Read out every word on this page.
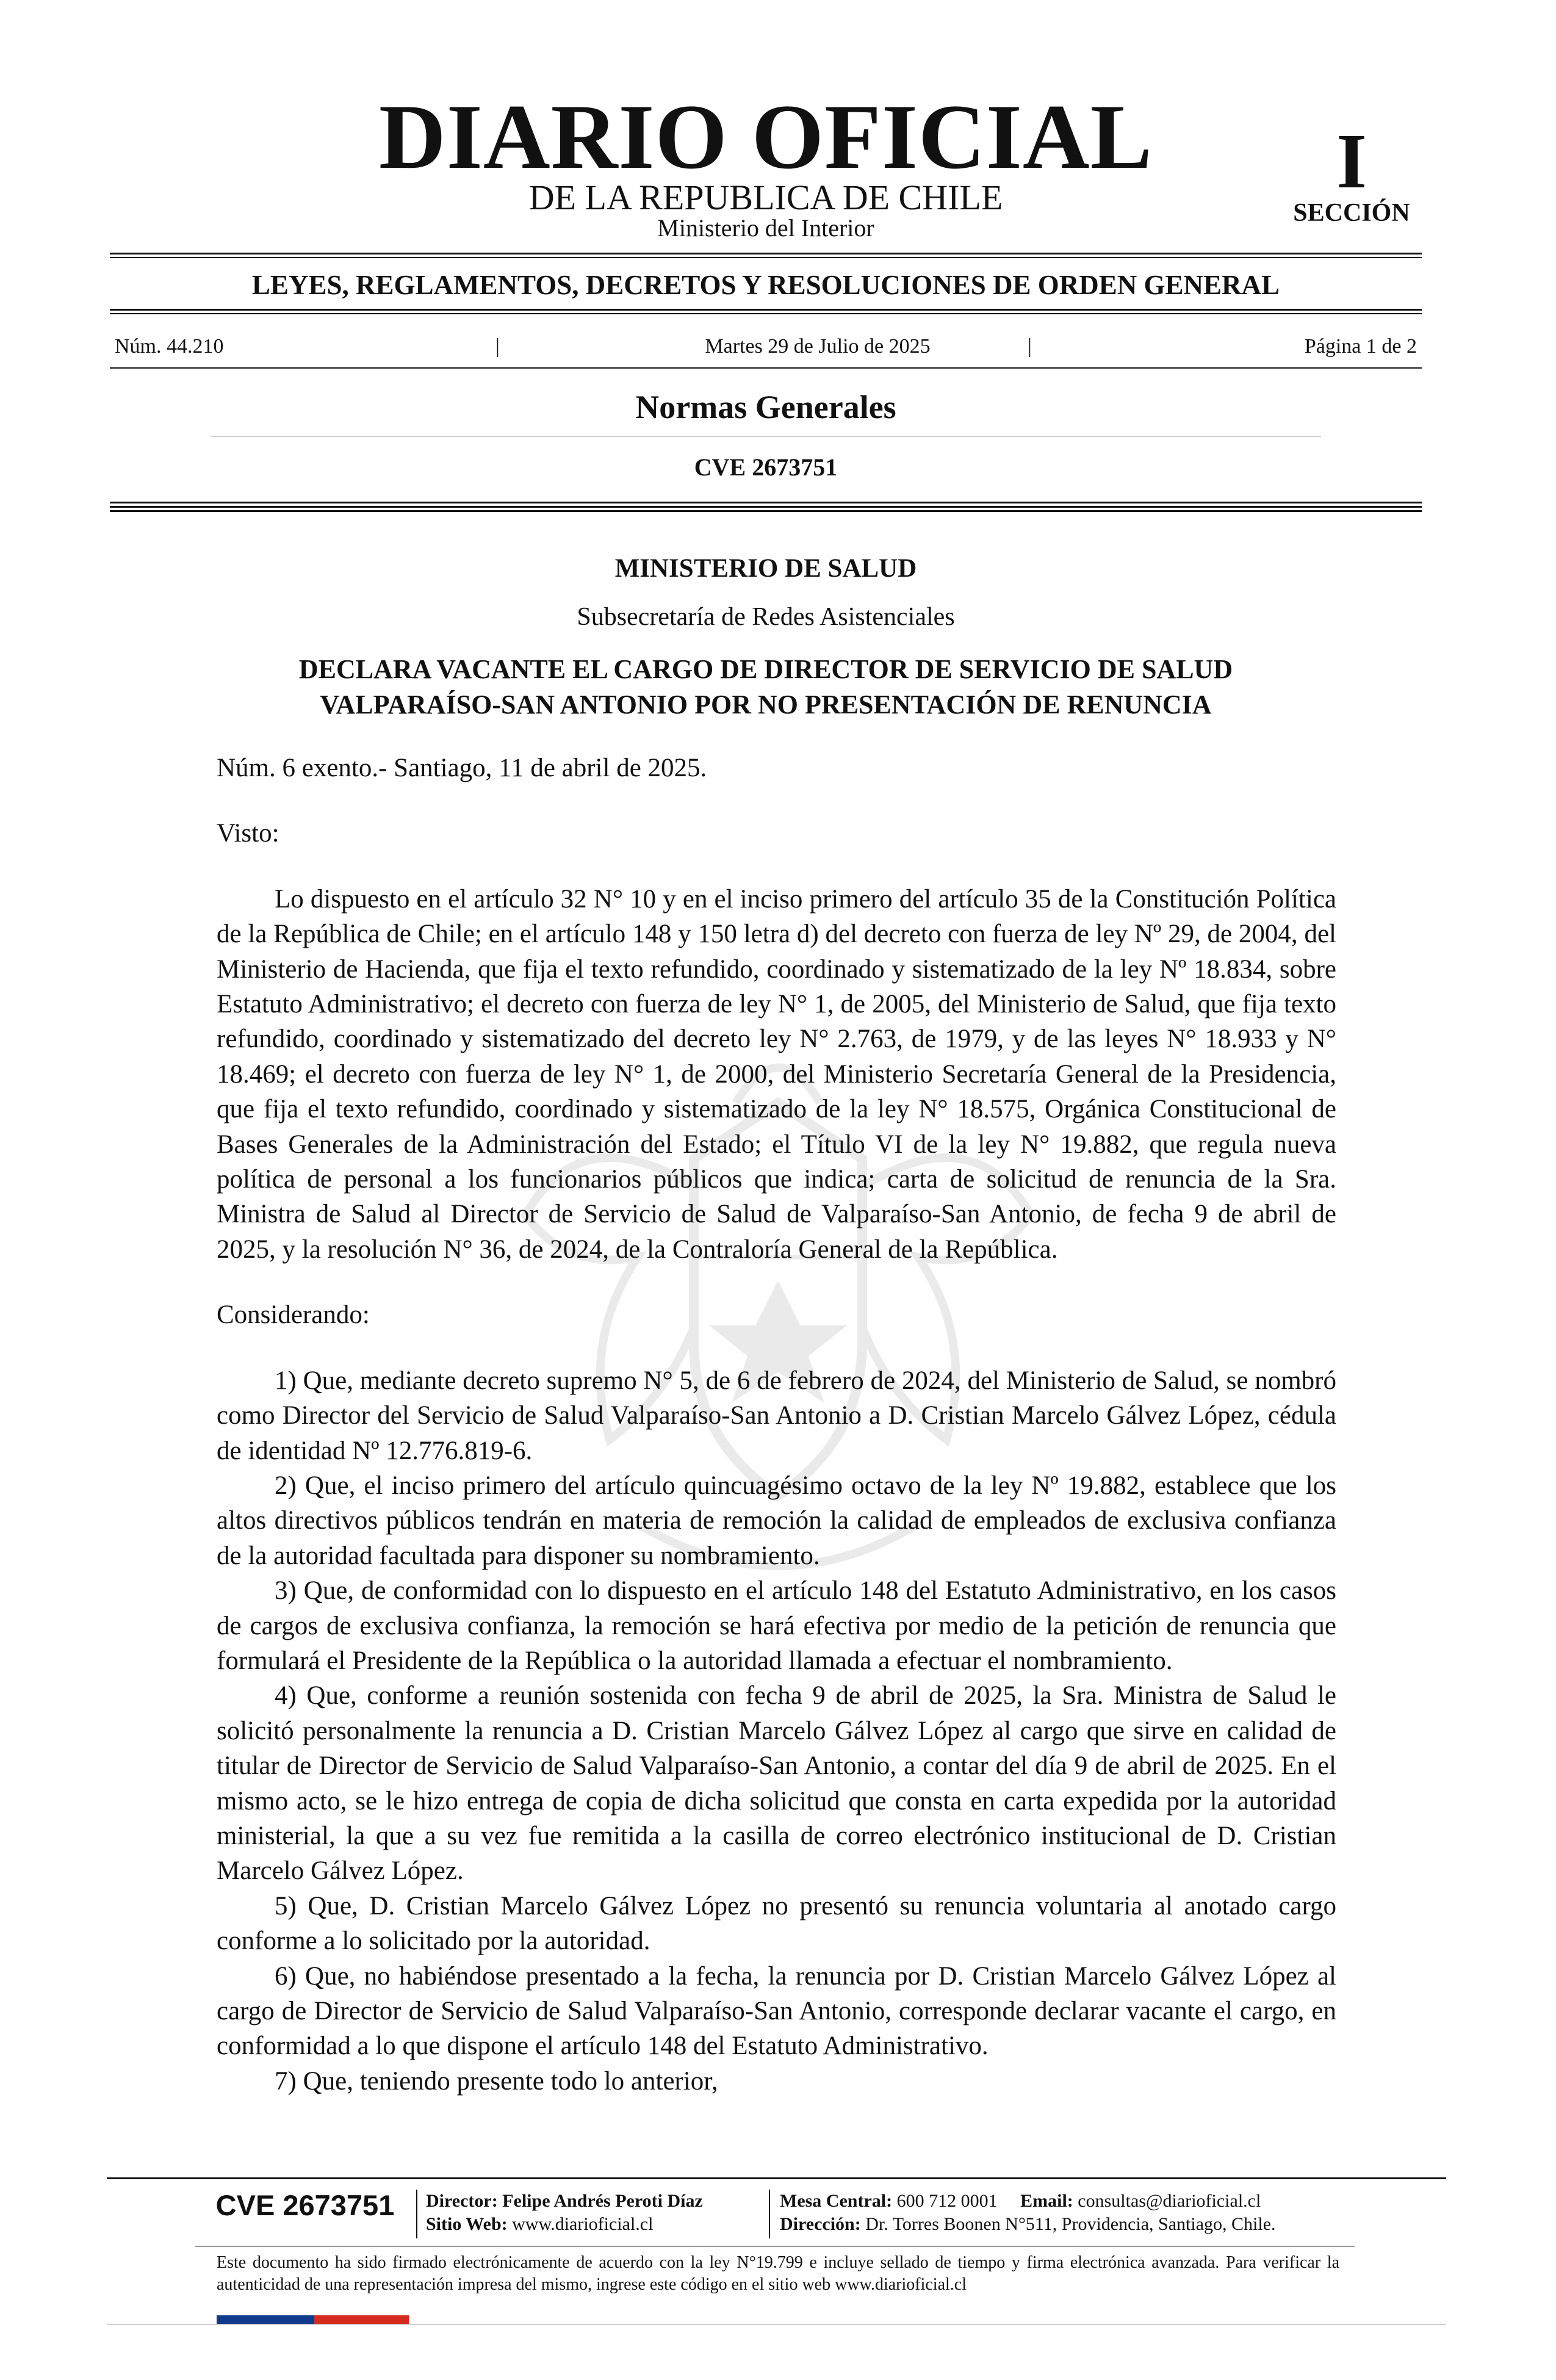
DIARIO OFICIAL
DE LA REPUBLICA DE CHILE
Ministerio del Interior
I
SECCIÓN
LEYES, REGLAMENTOS, DECRETOS Y RESOLUCIONES DE ORDEN GENERAL
Núm. 44.210	|	Martes 29 de Julio de 2025	|	Página 1 de 2
Normas Generales
CVE 2673751
MINISTERIO DE SALUD
Subsecretaría de Redes Asistenciales
DECLARA VACANTE EL CARGO DE DIRECTOR DE SERVICIO DE SALUD
VALPARAÍSO-SAN ANTONIO POR NO PRESENTACIÓN DE RENUNCIA

Núm. 6 exento.- Santiago, 11 de abril de 2025.

Visto:

Lo dispuesto en el artículo 32 N° 10 y en el inciso primero del artículo 35 de la Constitución Política de la República de Chile; en el artículo 148 y 150 letra d) del decreto con fuerza de ley Nº 29, de 2004, del Ministerio de Hacienda, que fija el texto refundido, coordinado y sistematizado de la ley Nº 18.834, sobre Estatuto Administrativo; el decreto con fuerza de ley N° 1, de 2005, del Ministerio de Salud, que fija texto refundido, coordinado y sistematizado del decreto ley N° 2.763, de 1979, y de las leyes N° 18.933 y N° 18.469; el decreto con fuerza de ley N° 1, de 2000, del Ministerio Secretaría General de la Presidencia, que fija el texto refundido, coordinado y sistematizado de la ley N° 18.575, Orgánica Constitucional de Bases Generales de la Administración del Estado; el Título VI de la ley N° 19.882, que regula nueva política de personal a los funcionarios públicos que indica; carta de solicitud de renuncia de la Sra. Ministra de Salud al Director de Servicio de Salud de Valparaíso-San Antonio, de fecha 9 de abril de 2025, y la resolución N° 36, de 2024, de la Contraloría General de la República.

Considerando:

1) Que, mediante decreto supremo N° 5, de 6 de febrero de 2024, del Ministerio de Salud, se nombró como Director del Servicio de Salud Valparaíso-San Antonio a D. Cristian Marcelo Gálvez López, cédula de identidad Nº 12.776.819-6.

2) Que, el inciso primero del artículo quincuagésimo octavo de la ley Nº 19.882, establece que los altos directivos públicos tendrán en materia de remoción la calidad de empleados de exclusiva confianza de la autoridad facultada para disponer su nombramiento.

3) Que, de conformidad con lo dispuesto en el artículo 148 del Estatuto Administrativo, en los casos de cargos de exclusiva confianza, la remoción se hará efectiva por medio de la petición de renuncia que formulará el Presidente de la República o la autoridad llamada a efectuar el nombramiento.

4) Que, conforme a reunión sostenida con fecha 9 de abril de 2025, la Sra. Ministra de Salud le solicitó personalmente la renuncia a D. Cristian Marcelo Gálvez López al cargo que sirve en calidad de titular de Director de Servicio de Salud Valparaíso-San Antonio, a contar del día 9 de abril de 2025. En el mismo acto, se le hizo entrega de copia de dicha solicitud que consta en carta expedida por la autoridad ministerial, la que a su vez fue remitida a la casilla de correo electrónico institucional de D. Cristian Marcelo Gálvez López.

5) Que, D. Cristian Marcelo Gálvez López no presentó su renuncia voluntaria al anotado cargo conforme a lo solicitado por la autoridad.

6) Que, no habiéndose presentado a la fecha, la renuncia por D. Cristian Marcelo Gálvez López al cargo de Director de Servicio de Salud Valparaíso-San Antonio, corresponde declarar vacante el cargo, en conformidad a lo que dispone el artículo 148 del Estatuto Administrativo.

7) Que, teniendo presente todo lo anterior,

CVE 2673751	Director: Felipe Andrés Peroti Díaz
Sitio Web: www.diarioficial.cl
Mesa Central: 600 712 0001 Email: consultas@diarioficial.cl
Dirección: Dr. Torres Boonen N°511, Providencia, Santiago, Chile.
Este documento ha sido firmado electrónicamente de acuerdo con la ley N°19.799 e incluye sellado de tiempo y firma electrónica avanzada. Para verificar la autenticidad de una representación impresa del mismo, ingrese este código en el sitio web www.diarioficial.cl
